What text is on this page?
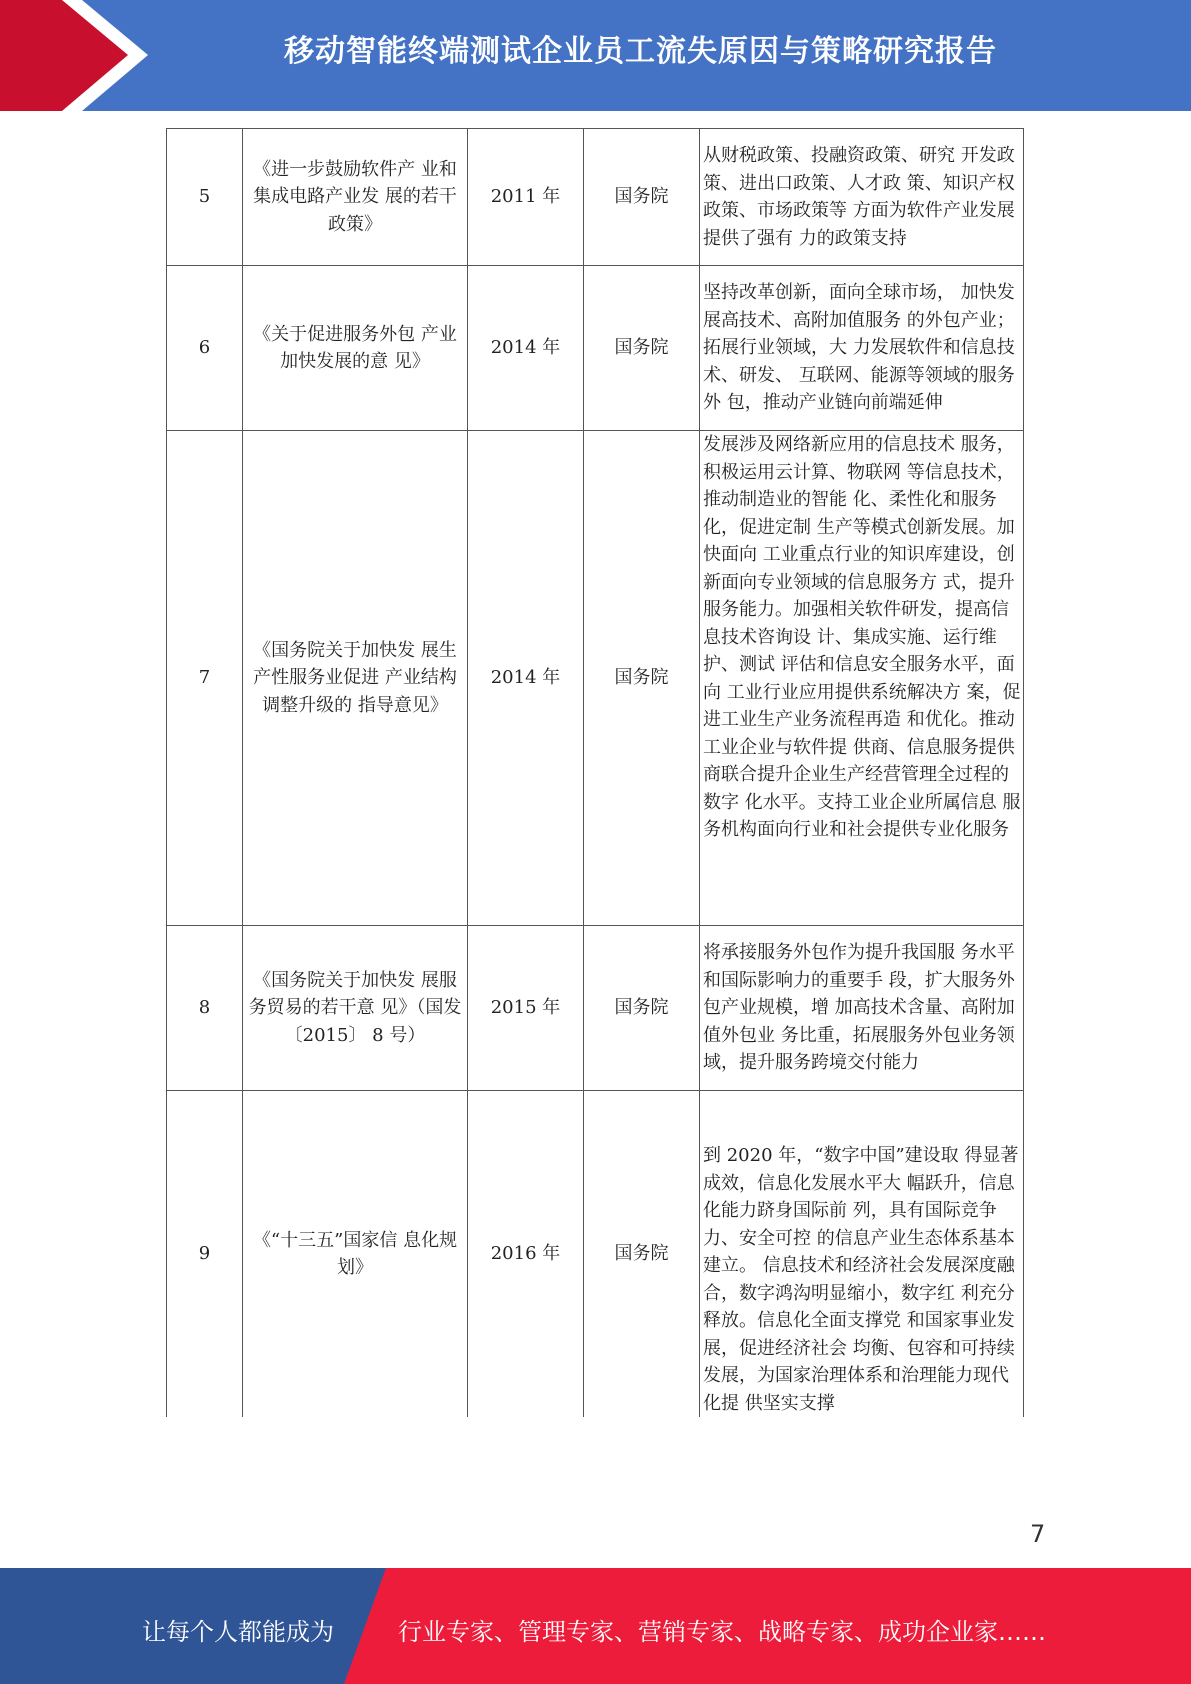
移动智能终端测试企业员工流失原因与策略研究报告
5	《进一步鼓励软件产 业和集成电路产业发 展的若干政策》	2011 年	国务院	从财税政策、投融资政策、研究 开发政策、进出口政策、人才政 策、知识产权政策、市场政策等 方面为软件产业发展提供了强有 力的政策支持
6	《关于促进服务外包 产业加快发展的意 见》	2014 年	国务院	坚持改革创新，面向全球市场， 加快发展高技术、高附加值服务 的外包产业；拓展行业领域，大 力发展软件和信息技术、研发、 互联网、能源等领域的服务外 包，推动产业链向前端延伸
7	《国务院关于加快发 展生产性服务业促进 产业结构调整升级的 指导意见》	2014 年	国务院	发展涉及网络新应用的信息技术 服务，积极运用云计算、物联网 等信息技术，推动制造业的智能 化、柔性化和服务化，促进定制 生产等模式创新发展。加快面向 工业重点行业的知识库建设，创 新面向专业领域的信息服务方 式，提升服务能力。加强相关软件研发，提高信息技术咨询设 计、集成实施、运行维护、测试 评估和信息安全服务水平，面向 工业行业应用提供系统解决方 案，促进工业生产业务流程再造 和优化。推动工业企业与软件提 供商、信息服务提供商联合提升企业生产经营管理全过程的数字 化水平。支持工业企业所属信息 服务机构面向行业和社会提供专业化服务
8	《国务院关于加快发 展服务贸易的若干意 见》（国发〔2015〕 8 号）	2015 年	国务院	将承接服务外包作为提升我国服 务水平和国际影响力的重要手 段，扩大服务外包产业规模，增 加高技术含量、高附加值外包业 务比重，拓展服务外包业务领 域，提升服务跨境交付能力
9	《“十三五”国家信 息化规划》	2016 年	国务院	到 2020 年，“数字中国”建设取 得显著成效，信息化发展水平大 幅跃升，信息化能力跻身国际前 列，具有国际竞争力、安全可控 的信息产业生态体系基本建立。 信息技术和经济社会发展深度融 合，数字鸿沟明显缩小，数字红 利充分释放。信息化全面支撑党 和国家事业发展，促进经济社会 均衡、包容和可持续发展，为国家治理体系和治理能力现代化提 供坚实支撑
7
让每个人都能成为	行业专家、管理专家、营销专家、战略专家、成功企业家……
